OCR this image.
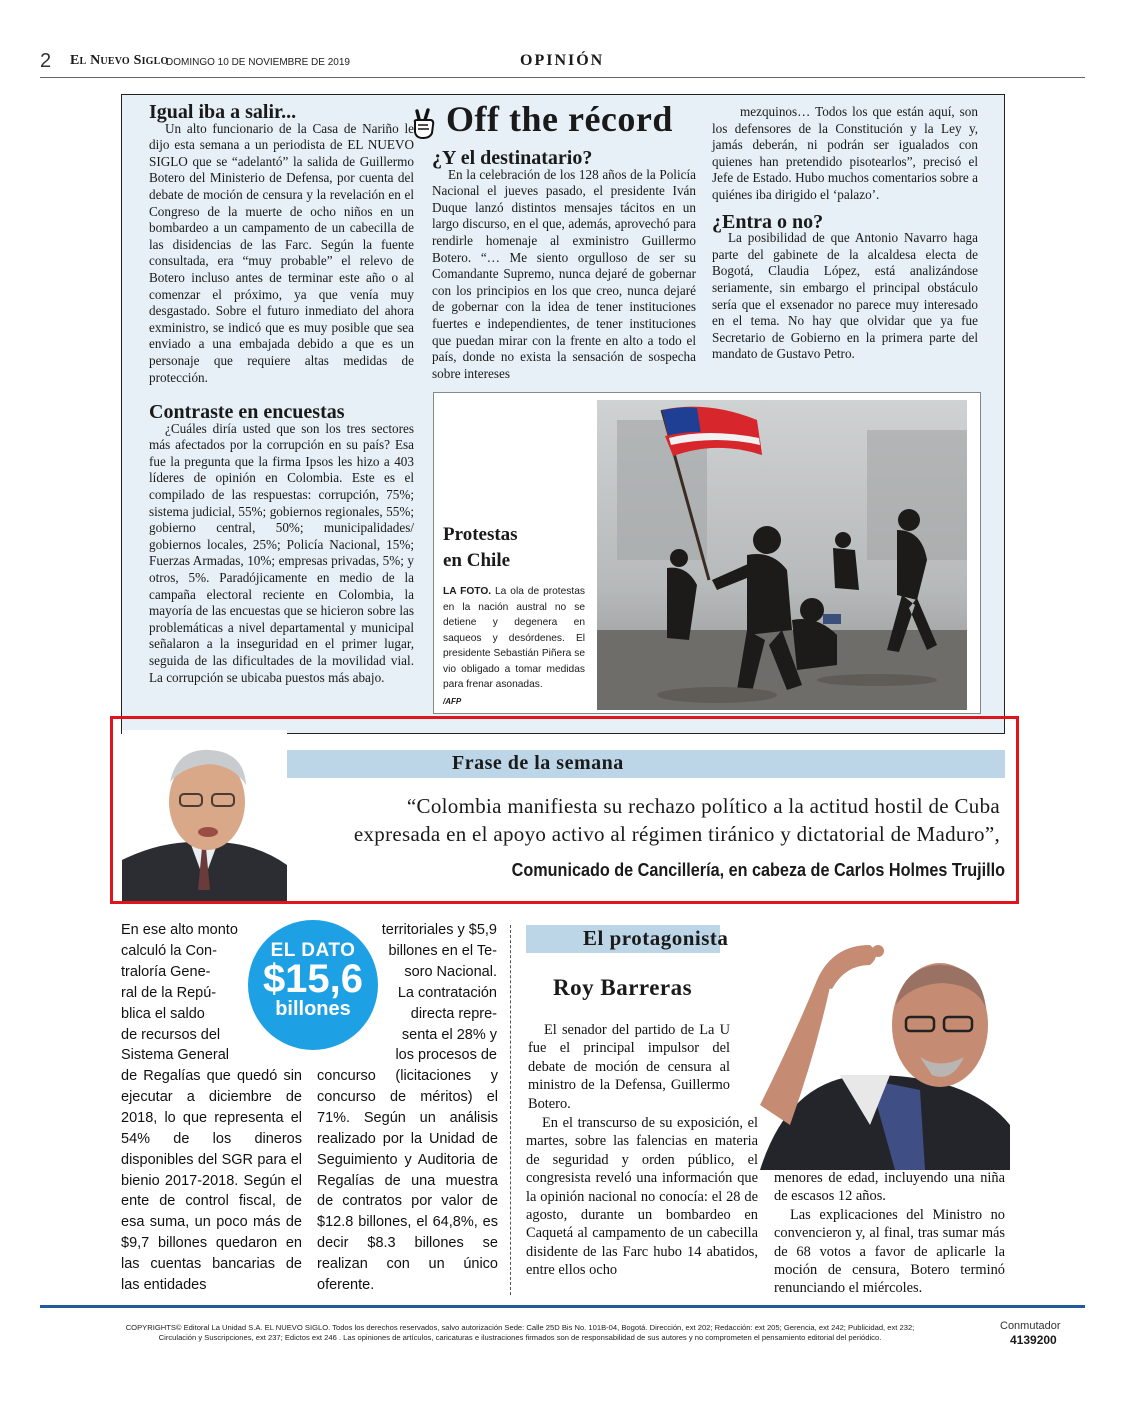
2 El Nuevo Siglo
DOMINGO 10 DE NOVIEMBRE DE 2019	OPINIÓN

Igual iba a salir...

Un alto funcionario de la Casa de Nariño le dijo esta semana a un periodista de EL NUEVO SIGLO que se “adelantó” la salida de Guillermo Botero del Ministerio de Defensa, por cuenta del debate de moción de censura y la revelación en el Congreso de la muerte de ocho niños en un bombardeo a un campamento de un cabecilla de las disidencias de las Farc. Según la fuente consultada, era “muy probable” el relevo de Botero incluso antes de terminar este año o al comenzar el próximo, ya que venía muy desgastado. Sobre el futuro inmediato del ahora exministro, se indicó que es muy posible que sea enviado a una embajada debido a que es un personaje que requiere altas medidas de protección.

Contraste en encuestas

¿Cuáles diría usted que son los tres sectores más afectados por la corrupción en su país? Esa fue la pregunta que la firma Ipsos les hizo a 403 líderes de opinión en Colombia. Este es el compilado de las respuestas: corrupción, 75%; sistema judicial, 55%; gobiernos regionales, 55%; gobierno central, 50%; municipalidades/ gobiernos locales, 25%; Policía Nacional, 15%; Fuerzas Armadas, 10%; empresas privadas, 5%; y otros, 5%. Paradójicamente en medio de la campaña electoral reciente en Colombia, la mayoría de las encuestas que se hicieron sobre las problemáticas a nivel departamental y municipal señalaron a la inseguridad en el primer lugar, seguida de las dificultades de la movilidad vial. La corrupción se ubicaba puestos más abajo.

Off the récord

¿Y el destinatario?

En la celebración de los 128 años de la Policía Nacional el jueves pasado, el presidente Iván Duque lanzó distintos mensajes tácitos en un largo discurso, en el que, además, aprovechó para rendirle homenaje al exministro Guillermo Botero. “… Me siento orgulloso de ser su Comandante Supremo, nunca dejaré de gobernar con los principios en los que creo, nunca dejaré de gobernar con la idea de tener instituciones fuertes e independientes, de tener instituciones que puedan mirar con la frente en alto a todo el país, donde no exista la sensación de sospecha sobre intereses

mezquinos… Todos los que están aquí, son los defensores de la Constitución y la Ley y, jamás deberán, ni podrán ser igualados con quienes han pretendido pisotearlos”, precisó el Jefe de Estado. Hubo muchos comentarios sobre a quiénes iba dirigido el ‘palazo’.

¿Entra o no?

La posibilidad de que Antonio Navarro haga parte del gabinete de la alcaldesa electa de Bogotá, Claudia López, está analizándose seriamente, sin embargo el principal obstáculo sería que el exsenador no parece muy interesado en el tema. No hay que olvidar que ya fue Secretario de Gobierno en la primera parte del mandato de Gustavo Petro.

Protestas
en Chile
LA FOTO. La ola de protestas en la nación austral no se detiene y degenera en saqueos y desórdenes. El presidente Sebastián Piñera se vio obligado a tomar medidas para frenar asonadas.
/AFP
Frase de la semana
“Colombia manifiesta su rechazo político a la actitud hostil de Cuba
expresada en el apoyo activo al régimen tiránico y dictatorial de Maduro”,
Comunicado de Cancillería, en cabeza de Carlos Holmes Trujillo
En ese alto monto
calculó la Con-
traloría Gene-
ral de la Repú-
blica el saldo
de recursos del
Sistema General
de Regalías que quedó sin ejecutar a diciembre de 2018, lo que representa el 54% de los dineros disponibles del SGR para el bienio 2017-2018. Según el ente de control fiscal, de esa suma, un poco más de $9,7 billones quedaron en las cuentas bancarias de las entidades
EL DATO
$15,6
billones
territoriales y $5,9
billones en el Te-
soro Nacional.
La contratación
directa repre-
senta el 28% y
los procesos de
concurso (licitaciones y concurso de méritos) el 71%. Según un análisis realizado por la Unidad de Seguimiento y Auditoria de Regalías de una muestra de contratos por valor de $12.8 billones, el 64,8%, es decir $8.3 billones se realizan con un único oferente.
El protagonista
Roy Barreras

El senador del partido de La U fue el principal impulsor del debate de moción de censura al ministro de la Defensa, Guillermo Botero.

En el transcurso de su exposición, el martes, sobre las falencias en materia de seguridad y orden público, el congresista reveló una información que la opinión nacional no conocía: el 28 de agosto, durante un bombardeo en Caquetá al campamento de un cabecilla disidente de las Farc hubo 14 abatidos, entre ellos ocho

menores de edad, incluyendo una niña de escasos 12 años.

Las explicaciones del Ministro no convencieron y, al final, tras sumar más de 68 votos a favor de aplicarle la moción de censura, Botero terminó renunciando el miércoles.

COPYRIGHTS© Editoral La Unidad S.A. EL NUEVO SIGLO. Todos los derechos reservados, salvo autorización Sede: Calle 25D Bis No. 101B-04, Bogotá. Dirección, ext 202; Redacción: ext 205; Gerencia, ext 242; Publicidad, ext 232;
Circulación y Suscripciones, ext 237; Edictos ext 246 . Las opiniones de artículos, caricaturas e ilustraciones firmados son de responsabilidad de sus autores y no comprometen el pensamiento editorial del periódico.
Conmutador
4139200
